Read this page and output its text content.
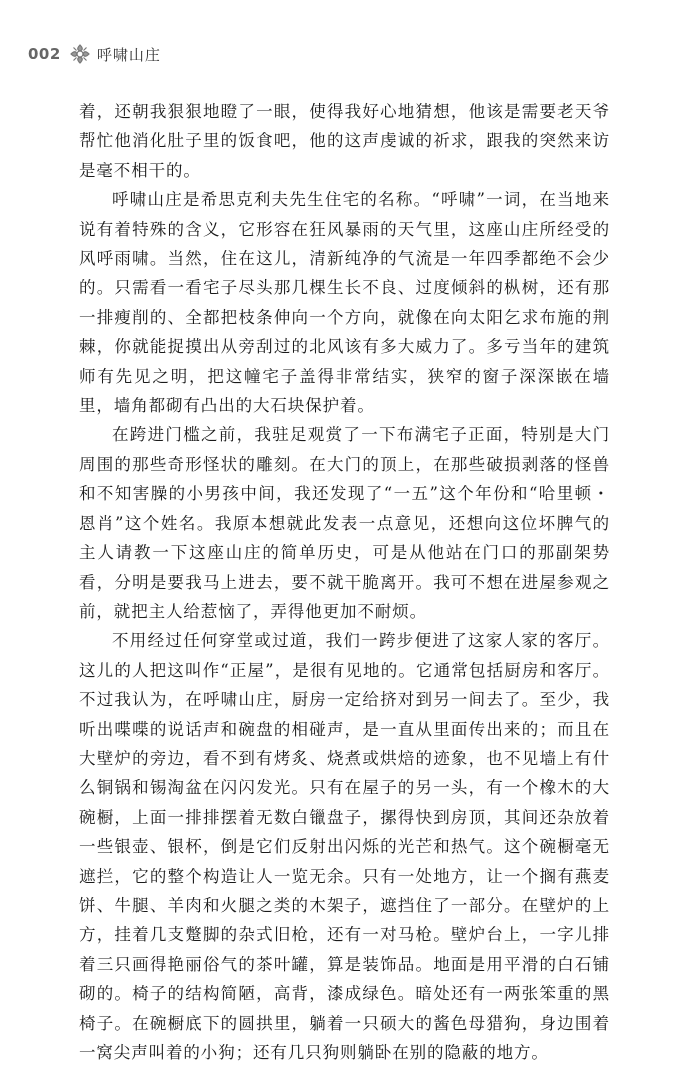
002 呼啸山庄

着，还朝我狠狠地瞪了一眼，使得我好心地猜想，他该是需要老天爷帮忙他消化肚子里的饭食吧，他的这声虔诚的祈求，跟我的突然来访是毫不相干的。

呼啸山庄是希思克利夫先生住宅的名称。“呼啸”一词，在当地来说有着特殊的含义，它形容在狂风暴雨的天气里，这座山庄所经受的风呼雨啸。当然，住在这儿，清新纯净的气流是一年四季都绝不会少的。只需看一看宅子尽头那几棵生长不良、过度倾斜的枞树，还有那一排瘦削的、全都把枝条伸向一个方向，就像在向太阳乞求布施的荆棘，你就能捉摸出从旁刮过的北风该有多大威力了。多亏当年的建筑师有先见之明，把这幢宅子盖得非常结实，狭窄的窗子深深嵌在墙里，墙角都砌有凸出的大石块保护着。

在跨进门槛之前，我驻足观赏了一下布满宅子正面，特别是大门周围的那些奇形怪状的雕刻。在大门的顶上，在那些破损剥落的怪兽和不知害臊的小男孩中间，我还发现了“一五”这个年份和“哈里顿・恩肖”这个姓名。我原本想就此发表一点意见，还想向这位坏脾气的主人请教一下这座山庄的简单历史，可是从他站在门口的那副架势看，分明是要我马上进去，要不就干脆离开。我可不想在进屋参观之前，就把主人给惹恼了，弄得他更加不耐烦。

不用经过任何穿堂或过道，我们一跨步便进了这家人家的客厅。这儿的人把这叫作“正屋”，是很有见地的。它通常包括厨房和客厅。不过我认为，在呼啸山庄，厨房一定给挤对到另一间去了。至少，我听出喋喋的说话声和碗盘的相碰声，是一直从里面传出来的；而且在大壁炉的旁边，看不到有烤炙、烧煮或烘焙的迹象，也不见墙上有什么铜锅和锡淘盆在闪闪发光。只有在屋子的另一头，有一个橡木的大碗橱，上面一排排摆着无数白镴盘子，摞得快到房顶，其间还杂放着一些银壶、银杯，倒是它们反射出闪烁的光芒和热气。这个碗橱毫无遮拦，它的整个构造让人一览无余。只有一处地方，让一个搁有燕麦饼、牛腿、羊肉和火腿之类的木架子，遮挡住了一部分。在壁炉的上方，挂着几支蹩脚的杂式旧枪，还有一对马枪。壁炉台上，一字儿排着三只画得艳丽俗气的茶叶罐，算是装饰品。地面是用平滑的白石铺砌的。椅子的结构简陋，高背，漆成绿色。暗处还有一两张笨重的黑椅子。在碗橱底下的圆拱里，躺着一只硕大的酱色母猎狗，身边围着一窝尖声叫着的小狗；还有几只狗则躺卧在别的隐蔽的地方。
